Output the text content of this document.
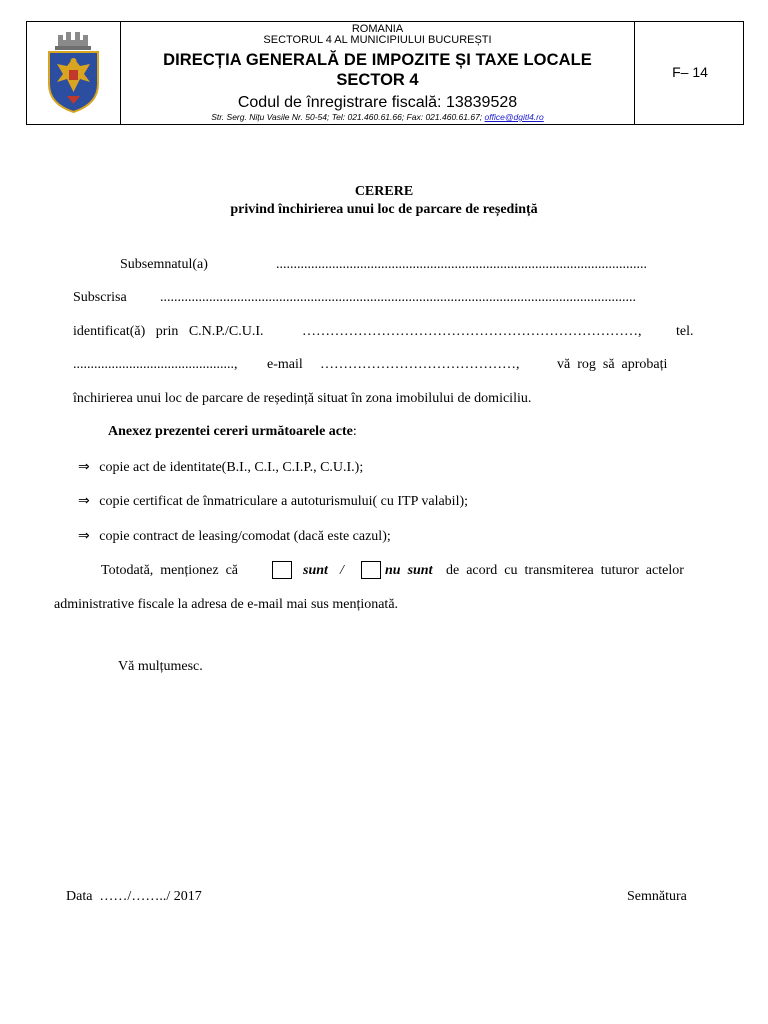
ROMANIA
SECTORUL 4 AL MUNICIPIULUI BUCUREȘTI
DIRECȚIA GENERALĂ DE IMPOZITE ȘI TAXE LOCALE
SECTOR 4
Codul de înregistrare fiscală: 13839528
Str. Serg. Nițu Vasile Nr. 50-54; Tel: 021.460.61.66; Fax: 021.460.61.67; office@dgitl4.ro
F– 14
CERERE
privind închirierea unui loc de parcare de reședință
Subsemnatul(a)	..........................................................................................................
Subscrisa ........................................................................................................................................
identificat(ă)   prin   C.N.P./C.U.I.	………………………………………………………………,	tel.
..............................................,	e-mail ……………………………………,	vă  rog  să  aprobați
închirierea unui loc de parcare de reședință situat în zona imobilului de domiciliu.
Anexez prezentei cereri următoarele acte:
⇒ copie act de identitate(B.I., C.I., C.I.P., C.U.I.);
⇒ copie certificat de înmatriculare a autoturismului( cu ITP valabil);
⇒ copie contract de leasing/comodat (dacă este cazul);
Totodată,  menționez  că	sunt /	nu  sunt de  acord  cu  transmiterea  tuturor  actelor
administrative fiscale la adresa de e-mail mai sus menționată.
Vă mulțumesc.
Data  ……/……../ 2017	Semnătura
